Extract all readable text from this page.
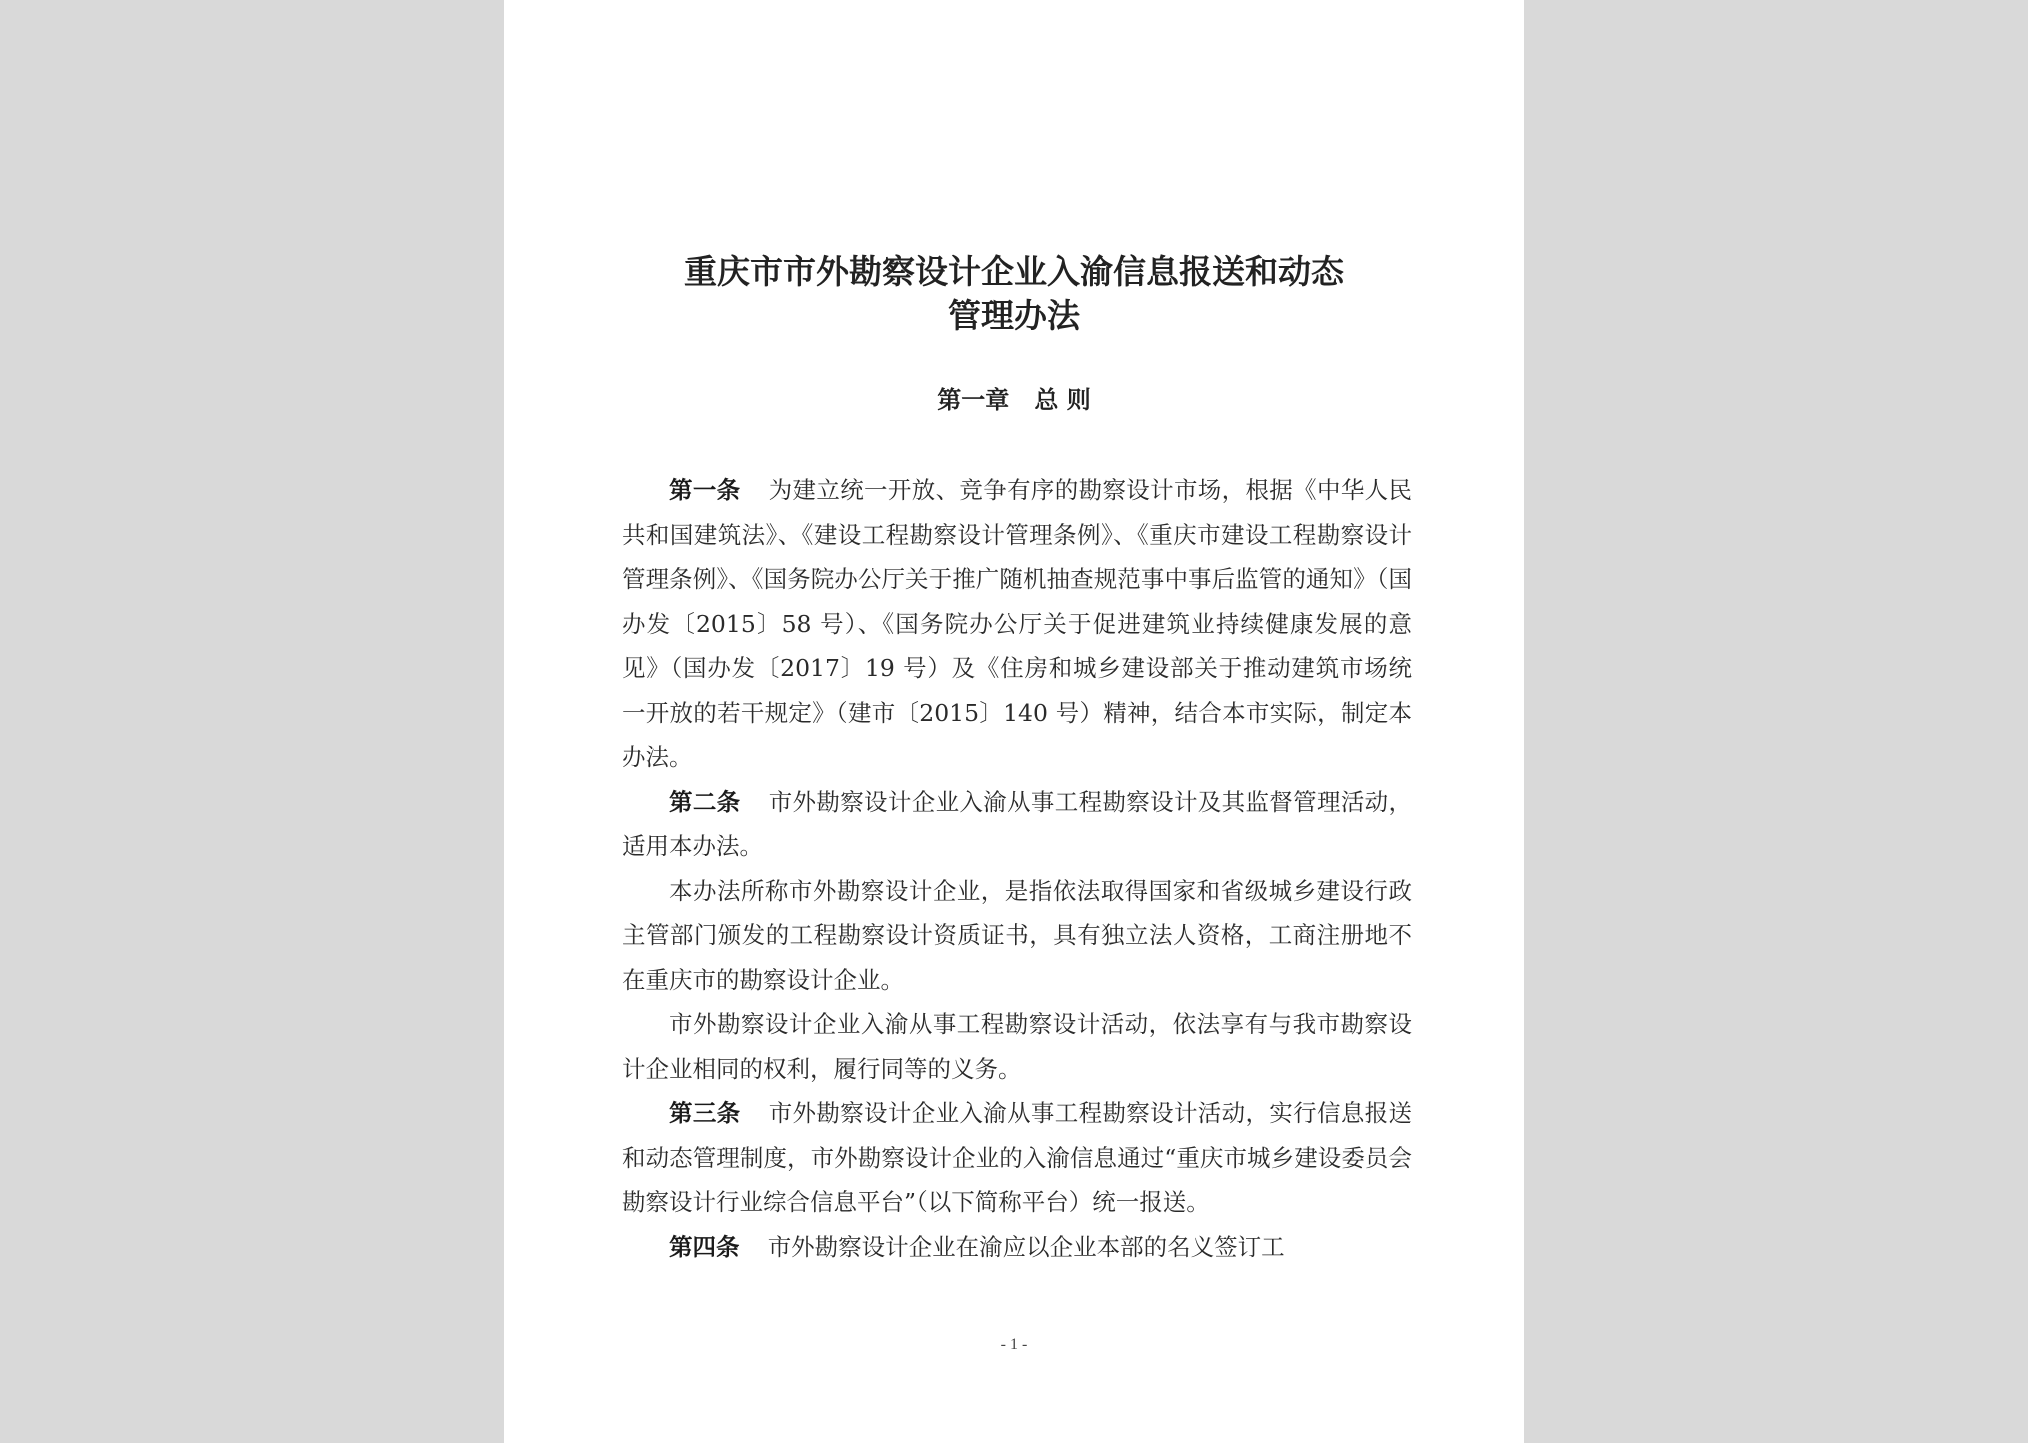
重庆市市外勘察设计企业入渝信息报送和动态
管理办法
第一章   总 则

第一条 为建立统一开放、竞争有序的勘察设计市场，根据《中华人民共和国建筑法》、《建设工程勘察设计管理条例》、《重庆市建设工程勘察设计管理条例》、《国务院办公厅关于推广随机抽查规范事中事后监管的通知》（国办发〔2015〕58 号）、《国务院办公厅关于促进建筑业持续健康发展的意见》（国办发〔2017〕19 号）及《住房和城乡建设部关于推动建筑市场统一开放的若干规定》（建市〔2015〕140 号）精神，结合本市实际，制定本办法。

第二条 市外勘察设计企业入渝从事工程勘察设计及其监督管理活动，适用本办法。

本办法所称市外勘察设计企业，是指依法取得国家和省级城乡建设行政主管部门颁发的工程勘察设计资质证书，具有独立法人资格，工商注册地不在重庆市的勘察设计企业。

市外勘察设计企业入渝从事工程勘察设计活动，依法享有与我市勘察设计企业相同的权利，履行同等的义务。

第三条 市外勘察设计企业入渝从事工程勘察设计活动，实行信息报送和动态管理制度，市外勘察设计企业的入渝信息通过“重庆市城乡建设委员会勘察设计行业综合信息平台”（以下简称平台）统一报送。

第四条 市外勘察设计企业在渝应以企业本部的名义签订工

- 1 -
